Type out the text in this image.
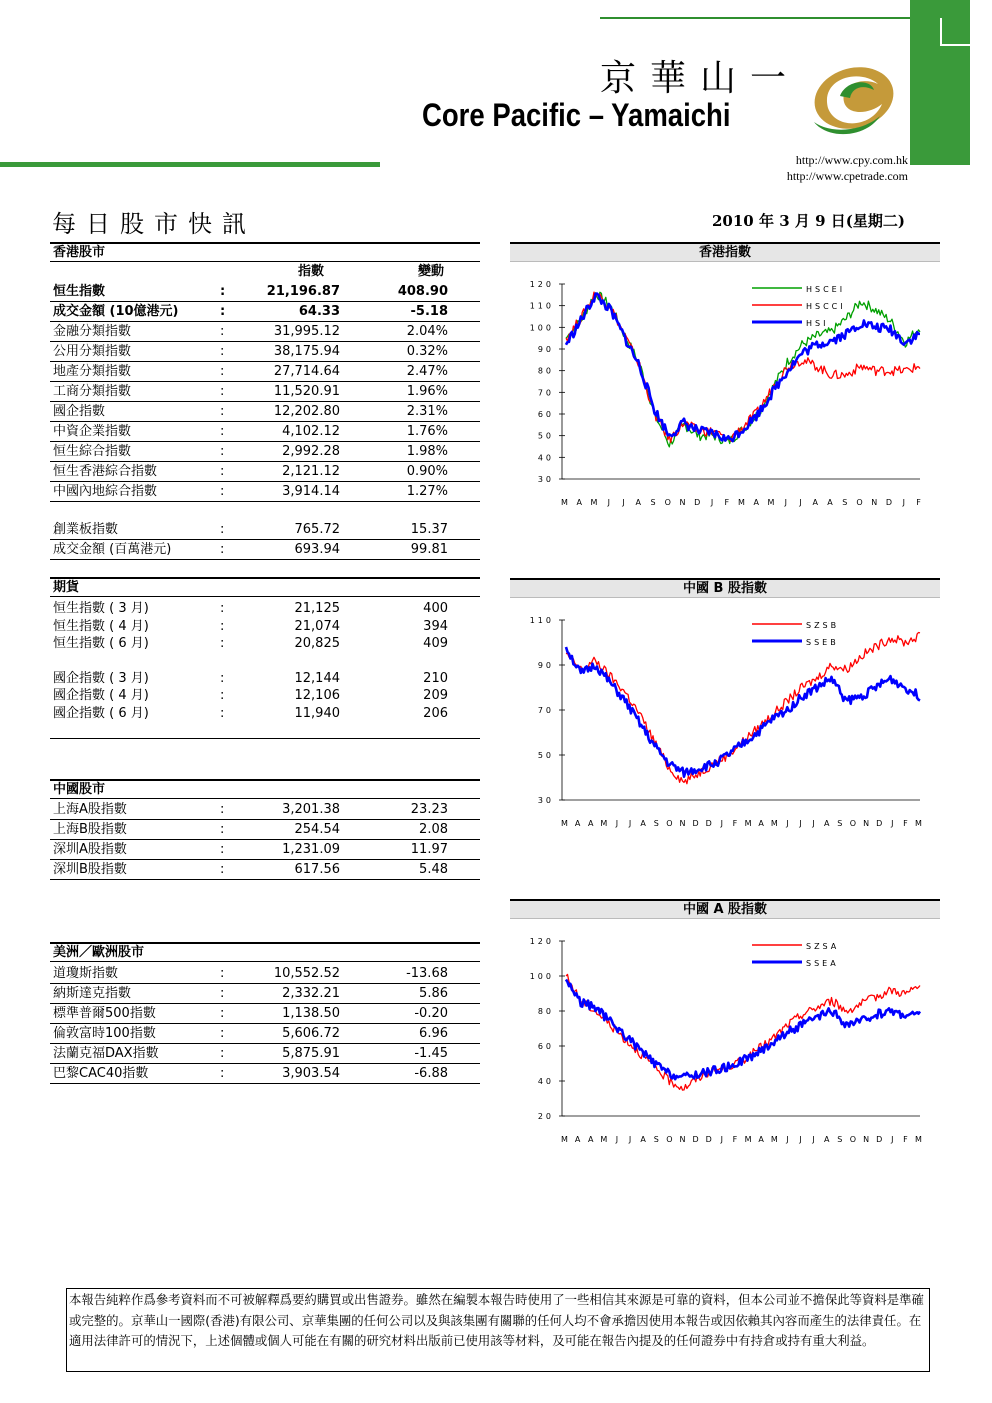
京華山一
Core Pacific – Yamaichi
http://www.cpy.com.hk
http://www.cpetrade.com
每日股市快訊	2010 年 3 月 9 日(星期二)
香港股市
指數	變動
恒生指數	:	21,196.87	408.90
成交金額 (10億港元)	:	64.33	-5.18
金融分類指數	:	31,995.12	2.04%
公用分類指數	:	38,175.94	0.32%
地產分類指數	:	27,714.64	2.47%
工商分類指數	:	11,520.91	1.96%
國企指數	:	12,202.80	2.31%
中資企業指數	:	4,102.12	1.76%
恒生綜合指數	:	2,992.28	1.98%
恒生香港綜合指數	:	2,121.12	0.90%
中國內地綜合指數	:	3,914.14	1.27%
創業板指數	:	765.72	15.37
成交金額 (百萬港元)	:	693.94	99.81
期貨
恒生指數 ( 3 月)	:	21,125	400
恒生指數 ( 4 月)	:	21,074	394
恒生指數 ( 6 月)	:	20,825	409
國企指數 ( 3 月)	:	12,144	210
國企指數 ( 4 月)	:	12,106	209
國企指數 ( 6 月)	:	11,940	206
中國股市
上海A股指數	:	3,201.38	23.23
上海B股指數	:	254.54	2.08
深圳A股指數	:	1,231.09	11.97
深圳B股指數	:	617.56	5.48
美洲／歐洲股市
道瓊斯指數	:	10,552.52	-13.68
納斯達克指數	:	2,332.21	5.86
標準普爾500指數	:	1,138.50	-0.20
倫敦富時100指數	:	5,606.72	6.96
法蘭克福DAX指數	:	5,875.91	-1.45
巴黎CAC40指數	:	3,903.54	-6.88
香港指數
120
110
100
90
80
70
60
50
40
30
M A M J J A S O N D J F M A M J J A A S O N D J F
HSCEI
HSCCI
HSI
中國 B 股指數
110
90
70
50
30
M A A M J J A S O N D D J F M A M J J J A S O N D J F M
SZSB
SSEB
中國 A 股指數
120
100
80
60
40
20
M A A M J J A S O N D D J F M A M J J J A S O N D J F M
SZSA
SSEA
本報告純粹作爲參考資料而不可被解釋爲要約購買或出售證券。雖然在編製本報告時使用了一些相信其來源是可靠的資料，但本公司並不擔保此等資料是準確或完整的。京華山一國際(香港)有限公司、京華集團的任何公司以及與該集團有關聯的任何人均不會承擔因使用本報告或因依賴其內容而產生的法律責任。在適用法律許可的情況下，上述個體或個人可能在有關的研究材料出版前已使用該等材料，及可能在報告內提及的任何證券中有持倉或持有重大利益。
